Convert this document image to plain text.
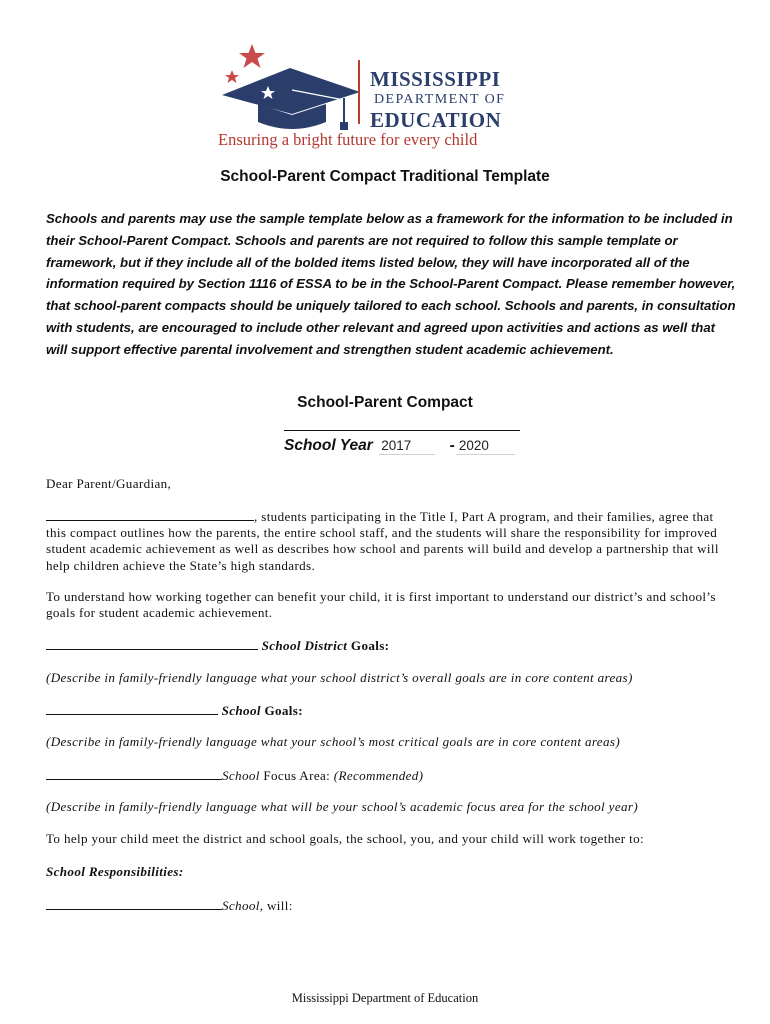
MISSISSIPPI
DEPARTMENT OF
EDUCATION
Ensuring a bright future for every child
School-Parent Compact Traditional Template

Schools and parents may use the sample template below as a framework for the information to be included in their School-Parent Compact. Schools and parents are not required to follow this sample template or framework, but if they include all of the bolded items listed below, they will have incorporated all of the information required by Section 1116 of ESSA to be in the School-Parent Compact. Please remember however, that school-parent compacts should be uniquely tailored to each school. Schools and parents, in consultation with students, are encouraged to include other relevant and agreed upon activities and actions as well that will support effective parental involvement and strengthen student academic achievement.

School-Parent Compact
School Year 2017	-2020
Dear Parent/Guardian,
, students participating in the Title I, Part A program, and their families, agree that this compact outlines how the parents, the entire school staff, and the students will share the responsibility for improved student academic achievement as well as describes how school and parents will build and develop a partnership that will help children achieve the State’s high standards.
To understand how working together can benefit your child, it is first important to understand our district’s and school’s goals for student academic achievement.
School District Goals:
(Describe in family-friendly language what your school district’s overall goals are in core content areas)
School Goals:
(Describe in family-friendly language what your school’s most critical goals are in core content areas)
School Focus Area: (Recommended)
(Describe in family-friendly language what will be your school’s academic focus area for the school year)
To help your child meet the district and school goals, the school, you, and your child will work together to:
School Responsibilities:
School, will:
Mississippi Department of Education
